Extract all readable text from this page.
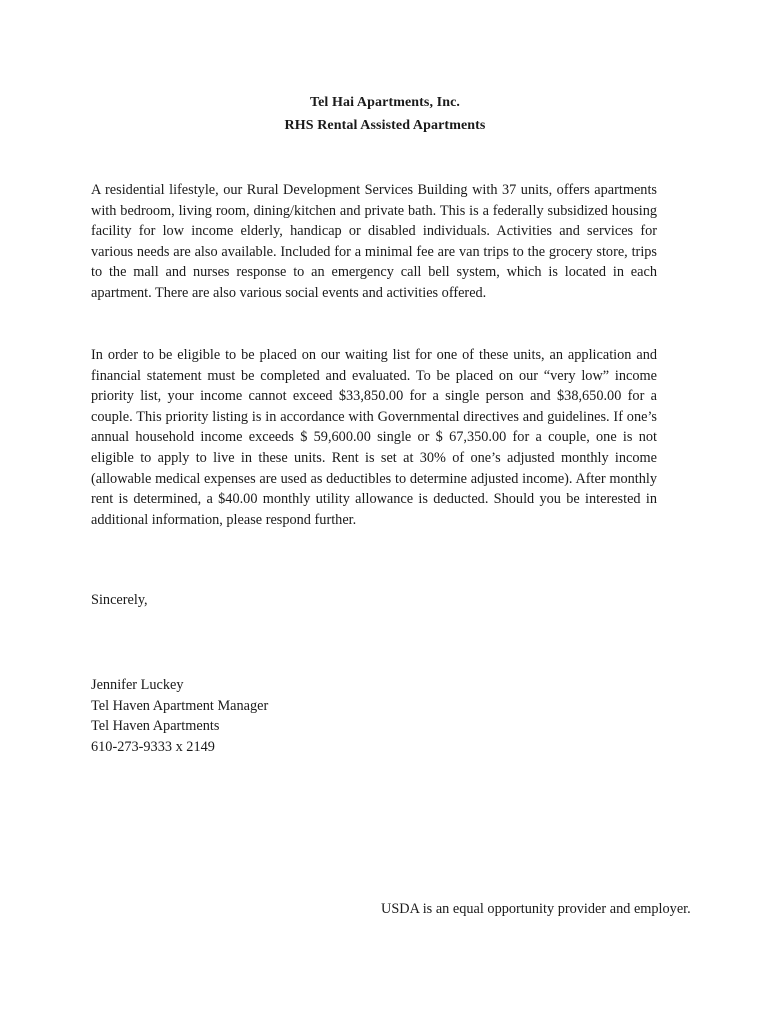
Tel Hai Apartments, Inc.
RHS Rental Assisted Apartments

A residential lifestyle, our Rural Development Services Building with 37 units, offers apartments with bedroom, living room, dining/kitchen and private bath. This is a federally subsidized housing facility for low income elderly, handicap or disabled individuals. Activities and services for various needs are also available. Included for a minimal fee are van trips to the grocery store, trips to the mall and nurses response to an emergency call bell system, which is located in each apartment. There are also various social events and activities offered.

In order to be eligible to be placed on our waiting list for one of these units, an application and financial statement must be completed and evaluated. To be placed on our “very low” income priority list, your income cannot exceed $33,850.00 for a single person and $38,650.00 for a couple. This priority listing is in accordance with Governmental directives and guidelines. If one’s annual household income exceeds $ 59,600.00 single or $ 67,350.00 for a couple, one is not eligible to apply to live in these units. Rent is set at 30% of one’s adjusted monthly income (allowable medical expenses are used as deductibles to determine adjusted income). After monthly rent is determined, a $40.00 monthly utility allowance is deducted. Should you be interested in additional information, please respond further.

Sincerely,
Jennifer Luckey
Tel Haven Apartment Manager
Tel Haven Apartments
610-273-9333 x 2149
USDA is an equal opportunity provider and employer.
